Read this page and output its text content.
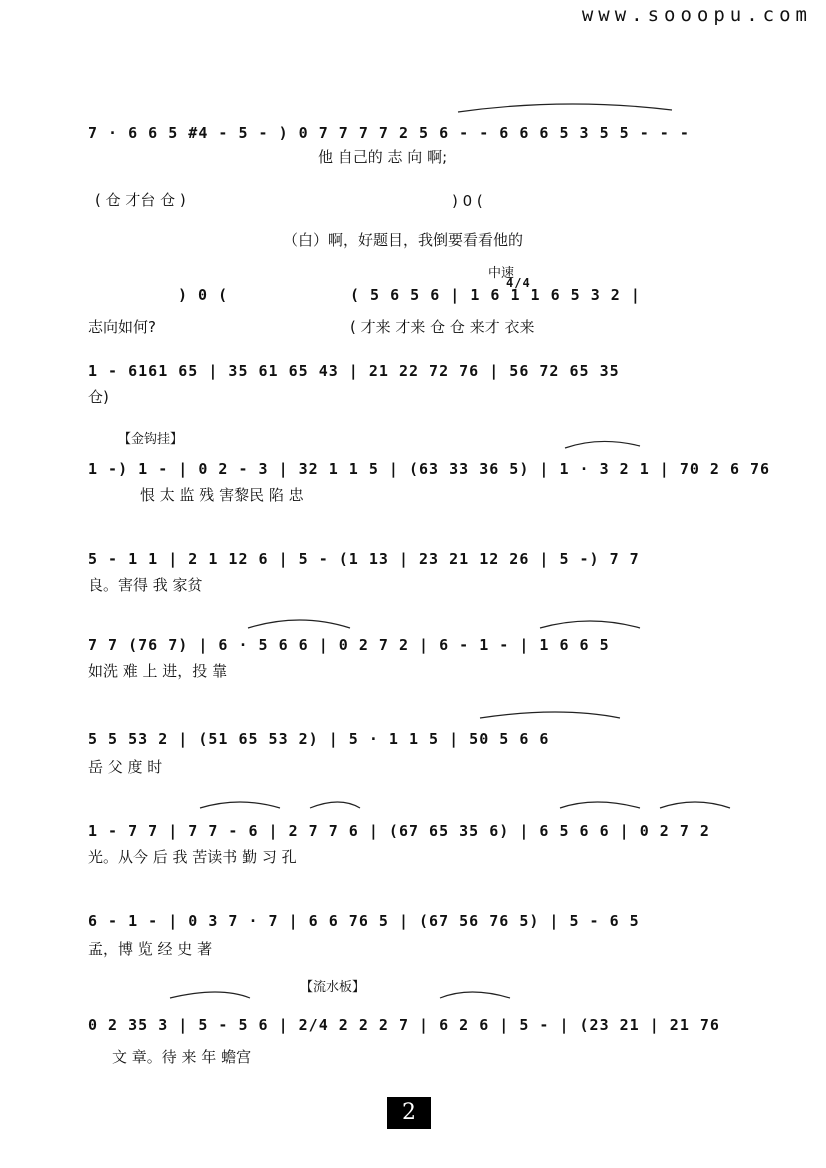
www.sooopu.com
7 · 6 6 5 #4 - 5 - ) 0 7 7 7 7 2 5 6 - - 6 6 6 5 3 5 5 - - -
他 自己的 志 向 啊;
( 仓 才台 仓 )	) 0 (
（白）啊，好题目，我倒要看看他的
中速
) 0 (	( 5 6 5 6 | 1 6 1 1 6 5 3 2 |
4/4
志向如何?	( 才来 才来 仓 仓 来才 衣来
1 - 6161 65 | 35 61 65 43 | 21 22 72 76 | 56 72 65 35
仓)
【金钩挂】
1 -) 1 - | 0 2 - 3 | 32 1 1 5 | (63 33 36 5) | 1 · 3 2 1 | 70 2 6 76
恨 太 监 残 害黎民 陷 忠
5 - 1 1 | 2 1 12 6 | 5 - (1 13 | 23 21 12 26 | 5 -) 7 7
良。害得 我 家贫
7 7 (76 7) | 6 · 5 6 6 | 0 2 7 2 | 6 - 1 - | 1 6 6 5
如洗 难 上 进，投 靠
5 5 53 2 | (51 65 53 2) | 5 · 1 1 5 | 50 5 6 6
岳 父 度 时
1 - 7 7 | 7 7 - 6 | 2 7 7 6 | (67 65 35 6) | 6 5 6 6 | 0 2 7 2
光。从今 后 我 苦读书 勤 习 孔
6 - 1 - | 0 3 7 · 7 | 6 6 76 5 | (67 56 76 5) | 5 - 6 5
孟，博 览 经 史 著
【流水板】
0 2 35 3 | 5 - 5 6 | 2/4 2 2 2 7 | 6 2 6 | 5 - | (23 21 | 21 76
文 章。待 来 年 蟾宫
2
